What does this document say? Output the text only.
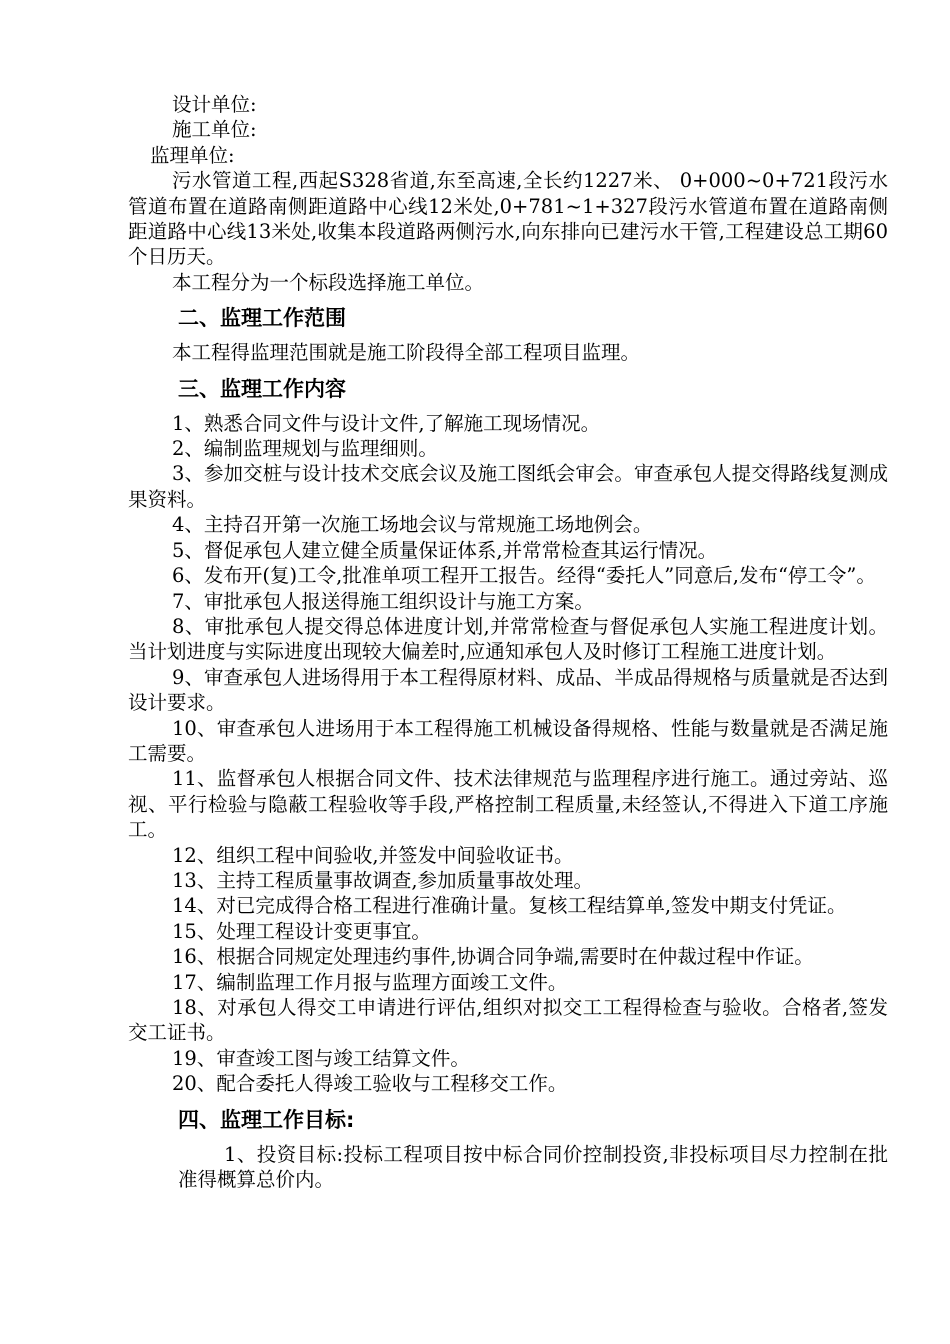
设计单位:

施工单位:

监理单位:

污水管道工程,西起S328省道,东至高速,全长约1227米、 0+000~0+721段污水管道布置在道路南侧距道路中心线12米处,0+781~1+327段污水管道布置在道路南侧距道路中心线13米处,收集本段道路两侧污水,向东排向已建污水干管,工程建设总工期60个日历天。

本工程分为一个标段选择施工单位。

二、监理工作范围

本工程得监理范围就是施工阶段得全部工程项目监理。

三、监理工作内容

1、熟悉合同文件与设计文件,了解施工现场情况。

2、编制监理规划与监理细则。

3、参加交桩与设计技术交底会议及施工图纸会审会。审查承包人提交得路线复测成果资料。

4、主持召开第一次施工场地会议与常规施工场地例会。

5、督促承包人建立健全质量保证体系,并常常检查其运行情况。

6、发布开(复)工令,批准单项工程开工报告。经得“委托人”同意后,发布“停工令”。

7、审批承包人报送得施工组织设计与施工方案。

8、审批承包人提交得总体进度计划,并常常检查与督促承包人实施工程进度计划。当计划进度与实际进度出现较大偏差时,应通知承包人及时修订工程施工进度计划。

9、审查承包人进场得用于本工程得原材料、成品、半成品得规格与质量就是否达到设计要求。

10、审查承包人进场用于本工程得施工机械设备得规格、性能与数量就是否满足施工需要。

11、监督承包人根据合同文件、技术法律规范与监理程序进行施工。通过旁站、巡视、平行检验与隐蔽工程验收等手段,严格控制工程质量,未经签认,不得进入下道工序施工。

12、组织工程中间验收,并签发中间验收证书。

13、主持工程质量事故调查,参加质量事故处理。

14、对已完成得合格工程进行准确计量。复核工程结算单,签发中期支付凭证。

15、处理工程设计变更事宜。

16、根据合同规定处理违约事件,协调合同争端,需要时在仲裁过程中作证。

17、编制监理工作月报与监理方面竣工文件。

18、对承包人得交工申请进行评估,组织对拟交工工程得检查与验收。合格者,签发交工证书。

19、审查竣工图与竣工结算文件。

20、配合委托人得竣工验收与工程移交工作。

四、监理工作目标:

1、投资目标:投标工程项目按中标合同价控制投资,非投标项目尽力控制在批准得概算总价内。
